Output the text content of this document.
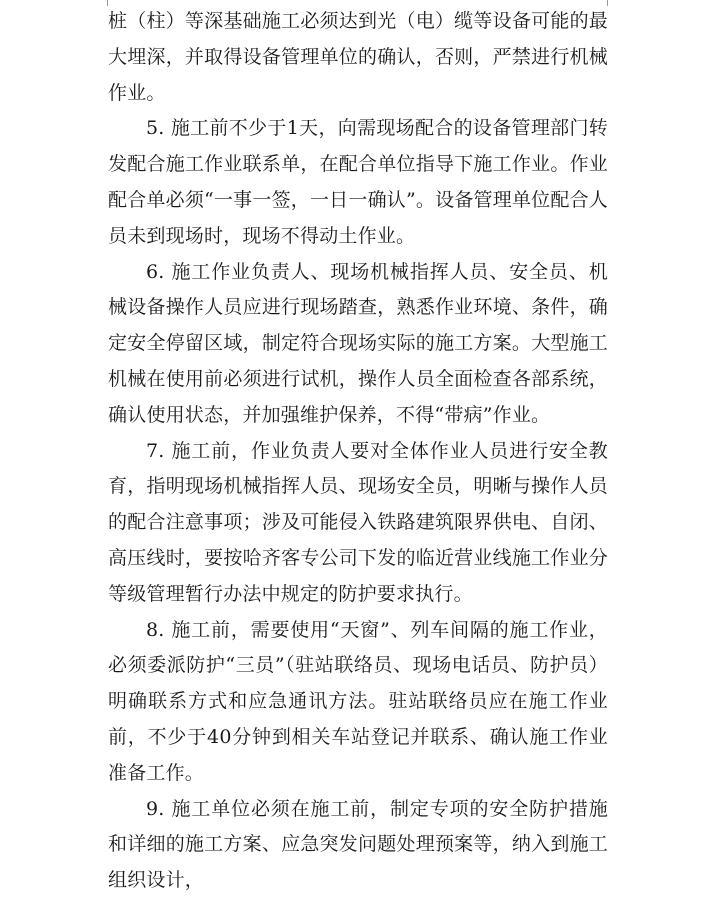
桩（柱）等深基础施工必须达到光（电）缆等设备可能的最大埋深，并取得设备管理单位的确认，否则，严禁进行机械作业。

5. 施工前不少于1天，向需现场配合的设备管理部门转发配合施工作业联系单，在配合单位指导下施工作业。作业配合单必须“一事一签，一日一确认”。设备管理单位配合人员未到现场时，现场不得动土作业。

6. 施工作业负责人、现场机械指挥人员、安全员、机械设备操作人员应进行现场踏查，熟悉作业环境、条件，确定安全停留区域，制定符合现场实际的施工方案。大型施工机械在使用前必须进行试机，操作人员全面检查各部系统，确认使用状态，并加强维护保养，不得“带病”作业。

7. 施工前，作业负责人要对全体作业人员进行安全教育，指明现场机械指挥人员、现场安全员，明晰与操作人员的配合注意事项；涉及可能侵入铁路建筑限界供电、自闭、高压线时，要按哈齐客专公司下发的临近营业线施工作业分等级管理暂行办法中规定的防护要求执行。

8. 施工前，需要使用“天窗”、列车间隔的施工作业，必须委派防护“三员”（驻站联络员、现场电话员、防护员）明确联系方式和应急通讯方法。驻站联络员应在施工作业前，不少于40分钟到相关车站登记并联系、确认施工作业准备工作。

9. 施工单位必须在施工前，制定专项的安全防护措施和详细的施工方案、应急突发问题处理预案等，纳入到施工组织设计，
